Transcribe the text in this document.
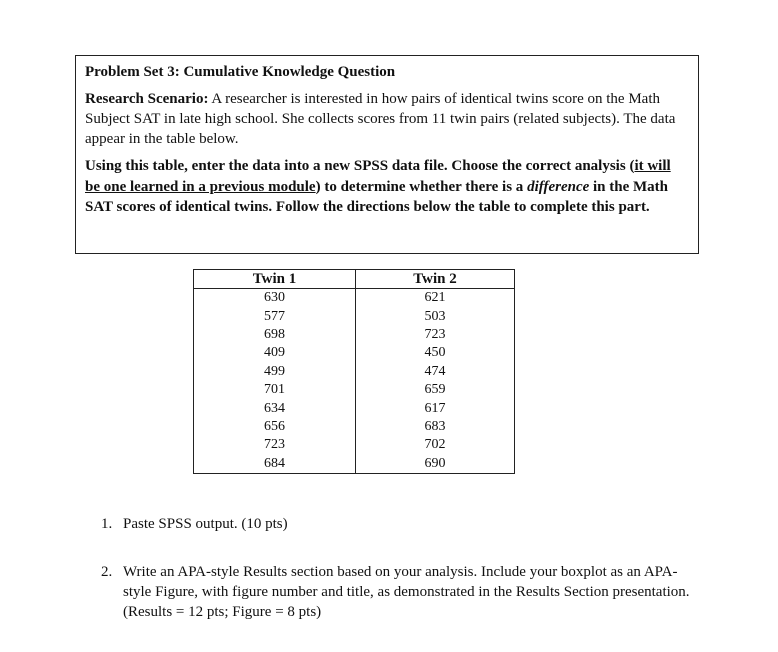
Problem Set 3: Cumulative Knowledge Question
Research Scenario: A researcher is interested in how pairs of identical twins score on the Math Subject SAT in late high school. She collects scores from 11 twin pairs (related subjects). The data appear in the table below.
Using this table, enter the data into a new SPSS data file. Choose the correct analysis (it will be one learned in a previous module) to determine whether there is a difference in the Math SAT scores of identical twins. Follow the directions below the table to complete this part.
Twin 1	Twin 2
630	621
577	503
698	723
409	450
499	474
701	659
634	617
656	683
723	702
684	690
1. Paste SPSS output. (10 pts)
2. Write an APA-style Results section based on your analysis. Include your boxplot as an APA-style Figure, with figure number and title, as demonstrated in the Results Section presentation. (Results = 12 pts; Figure = 8 pts)
